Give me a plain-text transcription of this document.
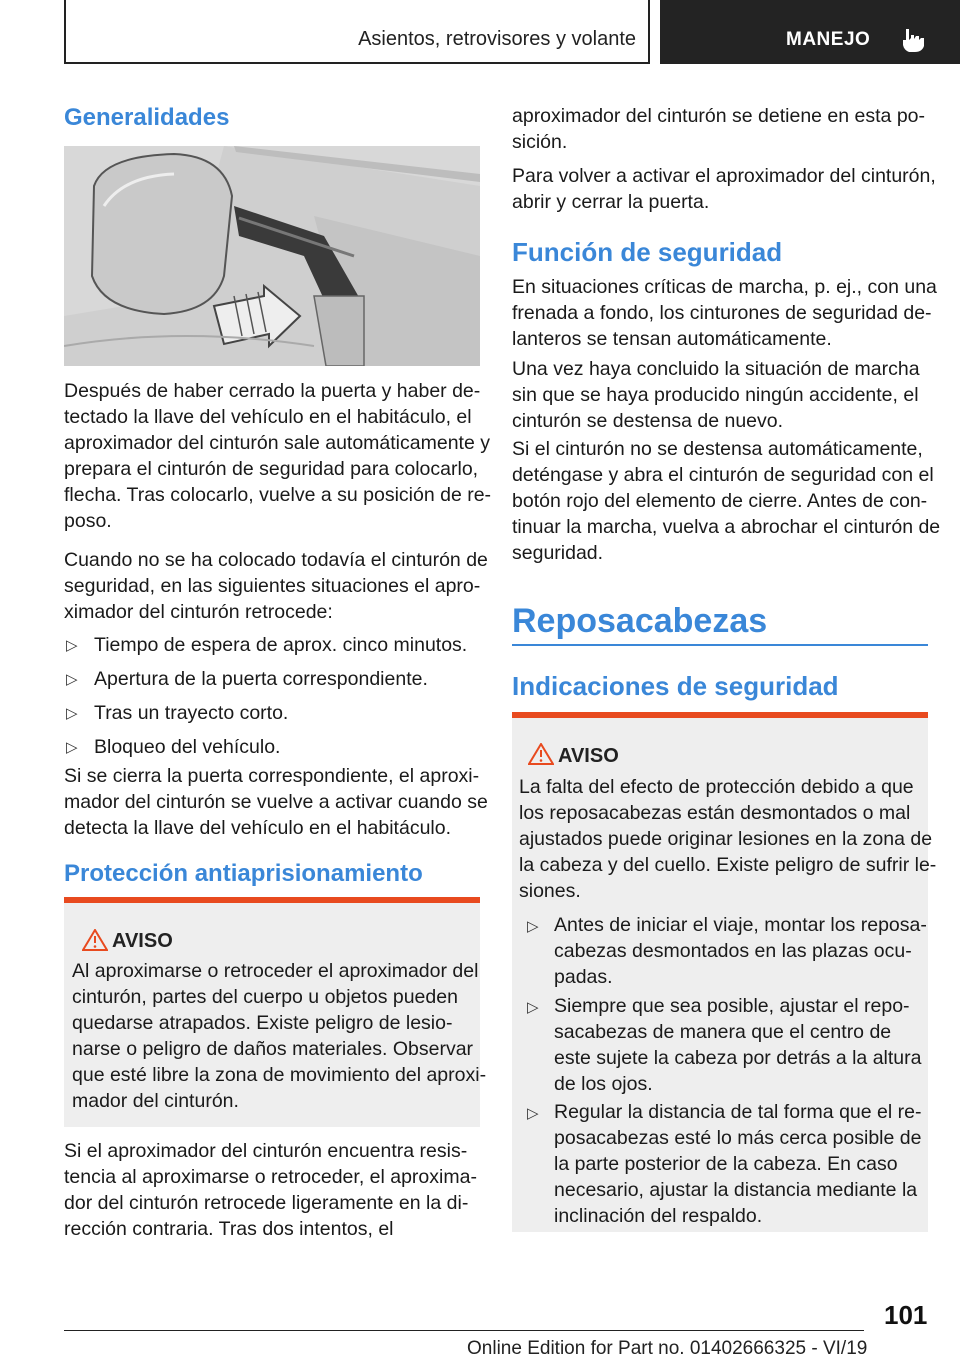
Asientos, retrovisores y volante	MANEJO
Generalidades
Después de haber cerrado la puerta y haber de‐
tectado la llave del vehículo en el habitáculo, el
aproximador del cinturón sale automáticamente y
prepara el cinturón de seguridad para colocarlo,
flecha. Tras colocarlo, vuelve a su posición de re‐
poso.
Cuando no se ha colocado todavía el cinturón de
seguridad, en las siguientes situaciones el apro‐
ximador del cinturón retrocede:
▷ Tiempo de espera de aprox. cinco minutos.
▷ Apertura de la puerta correspondiente.
▷ Tras un trayecto corto.
▷ Bloqueo del vehículo.
Si se cierra la puerta correspondiente, el aproxi‐
mador del cinturón se vuelve a activar cuando se
detecta la llave del vehículo en el habitáculo.
Protección antiaprisionamiento
AVISO
Al aproximarse o retroceder el aproximador del
cinturón, partes del cuerpo u objetos pueden
quedarse atrapados. Existe peligro de lesio‐
narse o peligro de daños materiales. Observar
que esté libre la zona de movimiento del aproxi‐
mador del cinturón.
Si el aproximador del cinturón encuentra resis‐
tencia al aproximarse o retroceder, el aproxima‐
dor del cinturón retrocede ligeramente en la di‐
rección contraria. Tras dos intentos, el
aproximador del cinturón se detiene en esta po‐
sición.
Para volver a activar el aproximador del cinturón,
abrir y cerrar la puerta.
Función de seguridad
En situaciones críticas de marcha, p. ej., con una
frenada a fondo, los cinturones de seguridad de‐
lanteros se tensan automáticamente.
Una vez haya concluido la situación de marcha
sin que se haya producido ningún accidente, el
cinturón se destensa de nuevo.
Si el cinturón no se destensa automáticamente,
deténgase y abra el cinturón de seguridad con el
botón rojo del elemento de cierre. Antes de con‐
tinuar la marcha, vuelva a abrochar el cinturón de
seguridad.
Reposacabezas
Indicaciones de seguridad
AVISO
La falta del efecto de protección debido a que
los reposacabezas están desmontados o mal
ajustados puede originar lesiones en la zona de
la cabeza y del cuello. Existe peligro de sufrir le‐
siones.
▷ Antes de iniciar el viaje, montar los reposa‐
cabezas desmontados en las plazas ocu‐
padas.
▷ Siempre que sea posible, ajustar el repo‐
sacabezas de manera que el centro de
este sujete la cabeza por detrás a la altura
de los ojos.
▷ Regular la distancia de tal forma que el re‐
posacabezas esté lo más cerca posible de
la parte posterior de la cabeza. En caso
necesario, ajustar la distancia mediante la
inclinación del respaldo.
101
Online Edition for Part no. 01402666325 - VI/19
